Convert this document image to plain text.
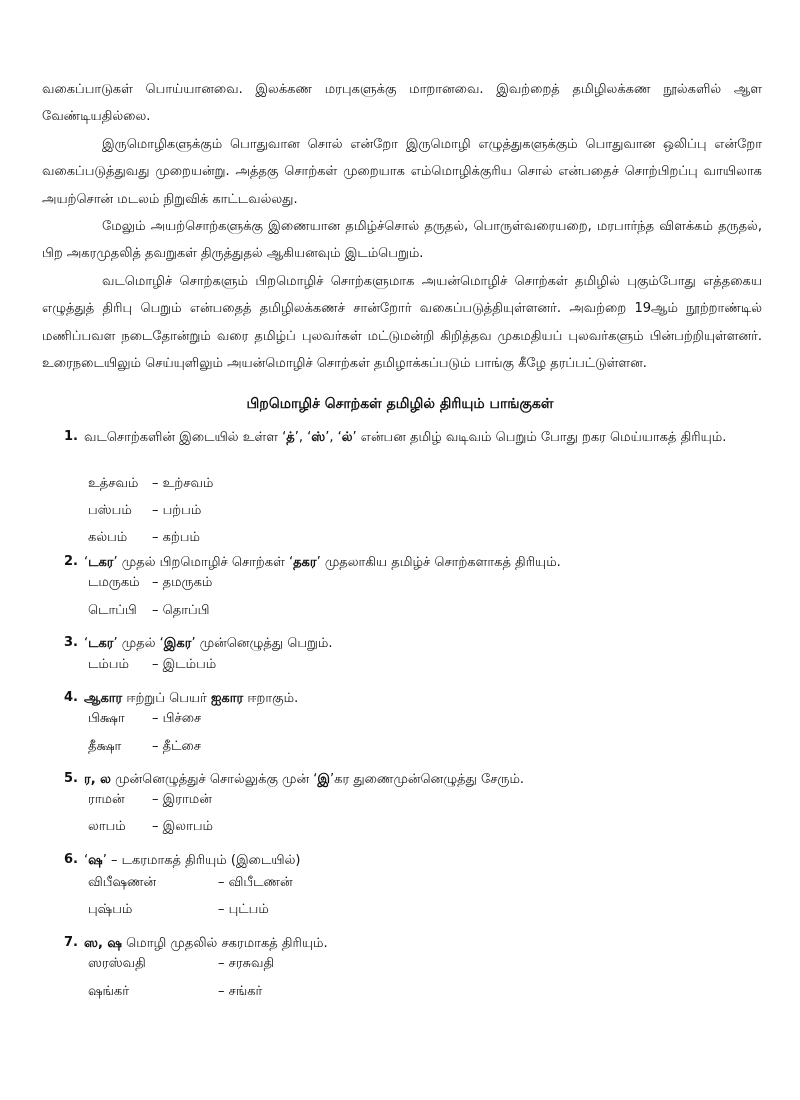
வகைப்பாடுகள் பொய்யானவை. இலக்கண மரபுகளுக்கு மாறானவை. இவற்றைத் தமிழிலக்கண நூல்களில் ஆள வேண்டியதில்லை.

இருமொழிகளுக்கும் பொதுவான சொல் என்றோ இருமொழி எழுத்துகளுக்கும் பொதுவான ஒலிப்பு என்றோ வகைப்படுத்துவது முறையன்று. அத்தகு சொற்கள் முறையாக எம்மொழிக்குரிய சொல் என்பதைச் சொற்பிறப்பு வாயிலாக அயற்சொன் மடலம் நிறுவிக் காட்டவல்லது.

மேலும் அயற்சொற்களுக்கு இணையான தமிழ்ச்சொல் தருதல், பொருள்வரையறை, மரபார்ந்த விளக்கம் தருதல், பிற அகரமுதலித் தவறுகள் திருத்துதல் ஆகியனவும் இடம்பெறும்.

வடமொழிச் சொற்களும் பிறமொழிச் சொற்களுமாக அயன்மொழிச் சொற்கள் தமிழில் புகும்போது எத்தகைய எழுத்துத் திரிபு பெறும் என்பதைத் தமிழிலக்கணச் சான்றோர் வகைப்படுத்தியுள்ளனர். அவற்றை 19ஆம் நூற்றாண்டில் மணிப்பவள நடைதோன்றும் வரை தமிழ்ப் புலவர்கள் மட்டுமன்றி கிறித்தவ முகமதியப் புலவர்களும் பின்பற்றியுள்ளனர். உரைநடையிலும் செய்யுளிலும் அயன்மொழிச் சொற்கள் தமிழாக்கப்படும் பாங்கு கீழே தரப்பட்டுள்ளன.

பிறமொழிச் சொற்கள் தமிழில் திரியும் பாங்குகள்
1. வடசொற்களின் இடையில் உள்ள ‘த்’, ‘ஸ்’, ‘ல்’ என்பன தமிழ் வடிவம் பெறும் போது றகர மெய்யாகத் திரியும்.

உத்சவம் – உற்சவம்
பஸ்பம் – பற்பம்
கல்பம் – கற்பம்
2. ‘டகர’ முதல் பிறமொழிச் சொற்கள் ‘தகர’ முதலாகிய தமிழ்ச் சொற்களாகத் திரியும்.

டமருகம் – தமருகம்
டொப்பி – தொப்பி
3. ‘டகர’ முதல் ‘இகர’ முன்னெழுத்து பெறும்.

டம்பம் – இடம்பம்
4. ஆகார ஈற்றுப் பெயர் ஐகார ஈறாகும்.

பிக்ஷா – பிச்சை
தீக்ஷா – தீட்சை
5. ர, ல முன்னெழுத்துச் சொல்லுக்கு முன் ‘இ’கர துணைமுன்னெழுத்து சேரும்.

ராமன் – இராமன்
லாபம் – இலாபம்
6. ‘ஷ’ – டகரமாகத் திரியும் (இடையில்)

விபீஷணன்	– விபீடணன்
புஷ்பம்	– புட்பம்
7. ஸ, ஷ மொழி முதலில் சகரமாகத் திரியும்.

ஸரஸ்வதி	– சரசுவதி
ஷங்கர்	– சங்கர்
